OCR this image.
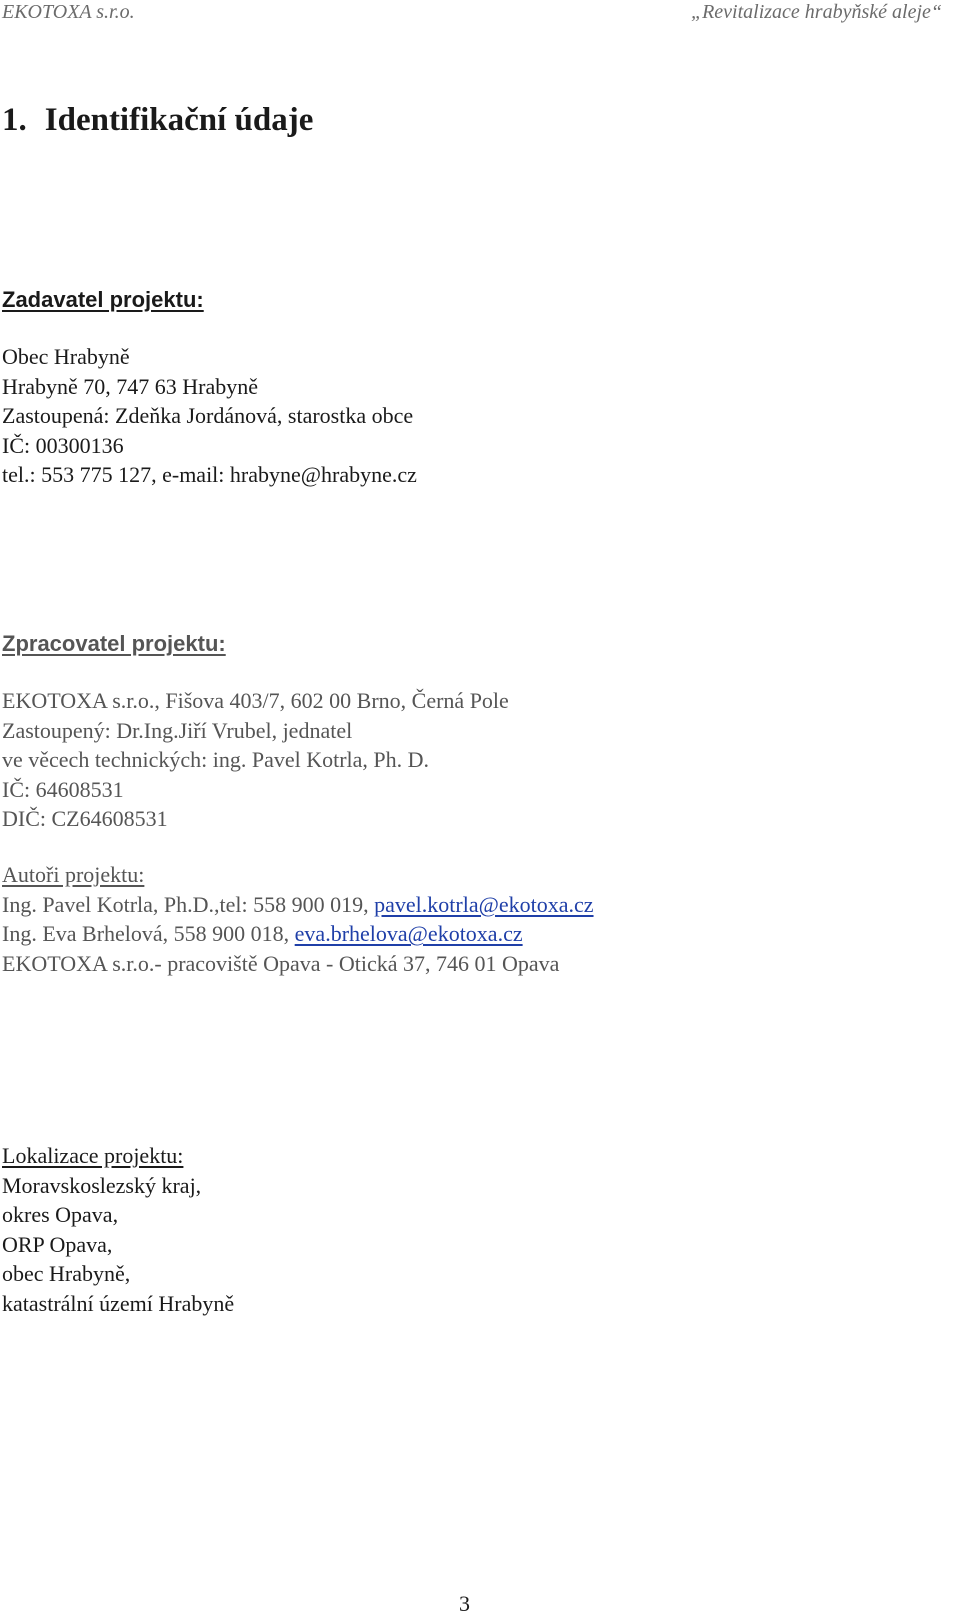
EKOTOXA s.r.o.	„Revitalizace hrabyňské aleje“
1. Identifikační údaje
Zadavatel projektu:
Obec Hrabyně
Hrabyně 70, 747 63 Hrabyně
Zastoupená: Zdeňka Jordánová, starostka obce
IČ: 00300136
tel.: 553 775 127, e-mail: hrabyne@hrabyne.cz
Zpracovatel projektu:
EKOTOXA s.r.o., Fišova 403/7, 602 00 Brno, Černá Pole
Zastoupený: Dr.Ing.Jiří Vrubel, jednatel
ve věcech technických: ing. Pavel Kotrla, Ph. D.
IČ: 64608531
DIČ: CZ64608531
Autoři projektu:
Ing. Pavel Kotrla, Ph.D.,tel: 558 900 019, pavel.kotrla@ekotoxa.cz
Ing. Eva Brhelová, 558 900 018, eva.brhelova@ekotoxa.cz
EKOTOXA s.r.o.- pracoviště Opava - Otická 37, 746 01 Opava
Lokalizace projektu:
Moravskoslezský kraj,
okres Opava,
ORP Opava,
obec Hrabyně,
katastrální území Hrabyně
3
